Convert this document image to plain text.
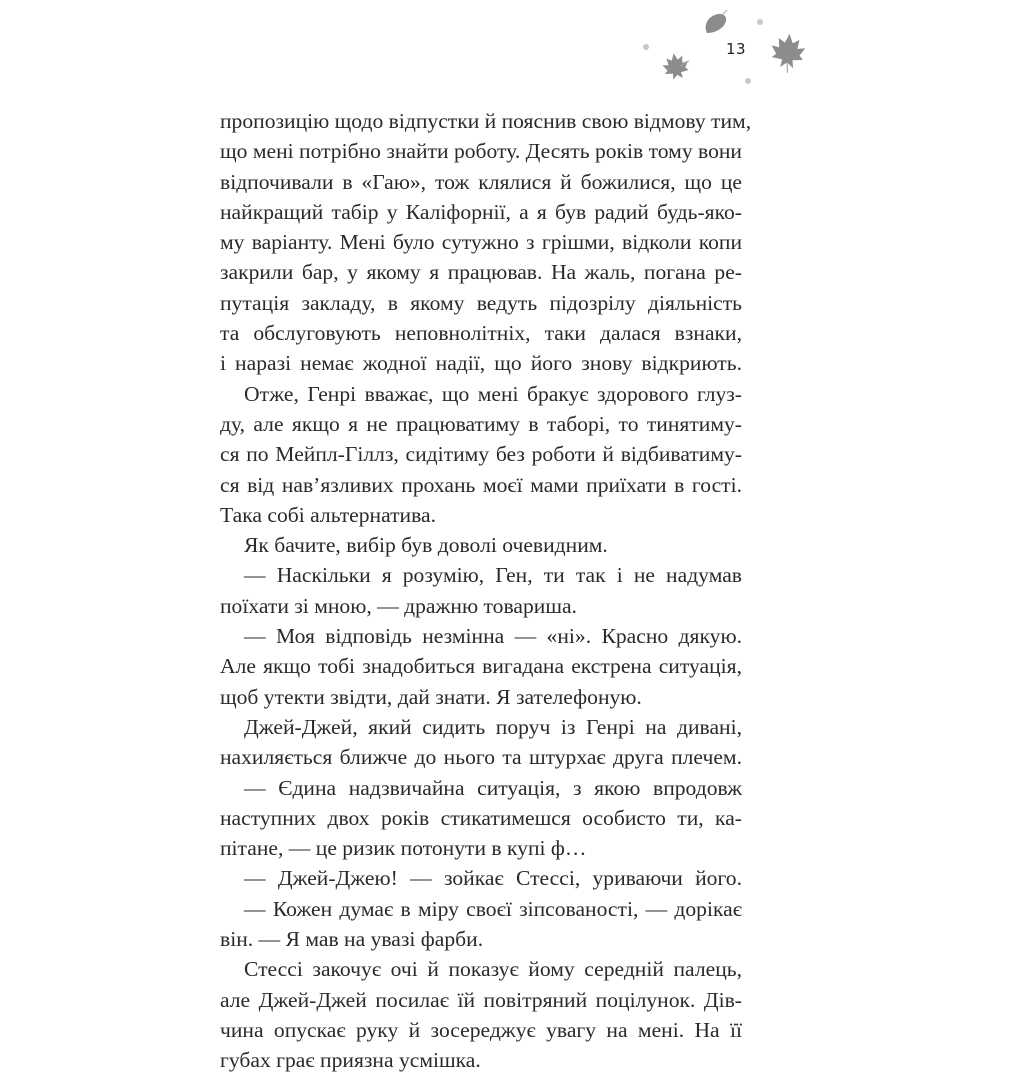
13
пропозицію щодо відпустки й пояснив свою відмову тим,
що мені потрібно знайти роботу. Десять років тому вони
відпочивали в «Гаю», тож клялися й божилися, що це
найкращий табір у Каліфорнії, а я був радий будь-яко-
му варіанту. Мені було сутужно з грішми, відколи копи
закрили бар, у якому я працював. На жаль, погана ре-
путація закладу, в якому ведуть підозрілу діяльність
та обслуговують неповнолітніх, таки далася взнаки,
і наразі немає жодної надії, що його знову відкриють.
Отже, Генрі вважає, що мені бракує здорового глуз-
ду, але якщо я не працюватиму в таборі, то тинятиму-
ся по Мейпл-Гіллз, сидітиму без роботи й відбиватиму-
ся від нав’язливих прохань моєї мами приїхати в гості.
Така собі альтернатива.
Як бачите, вибір був доволі очевидним.
— Наскільки я розумію, Ген, ти так і не надумав
поїхати зі мною, — дражню товариша.
— Моя відповідь незмінна — «ні». Красно дякую.
Але якщо тобі знадобиться вигадана екстрена ситуація,
щоб утекти звідти, дай знати. Я зателефоную.
Джей-Джей, який сидить поруч із Генрі на дивані,
нахиляється ближче до нього та штурхає друга плечем.
— Єдина надзвичайна ситуація, з якою впродовж
наступних двох років стикатимешся особисто ти, ка-
пітане, — це ризик потонути в купі ф…
— Джей-Джею! — зойкає Стессі, уриваючи його.
— Кожен думає в міру своєї зіпсованості, — дорікає
він. — Я мав на увазі фарби.
Стессі закочує очі й показує йому середній палець,
але Джей-Джей посилає їй повітряний поцілунок. Дів-
чина опускає руку й зосереджує увагу на мені. На її
губах грає приязна усмішка.
